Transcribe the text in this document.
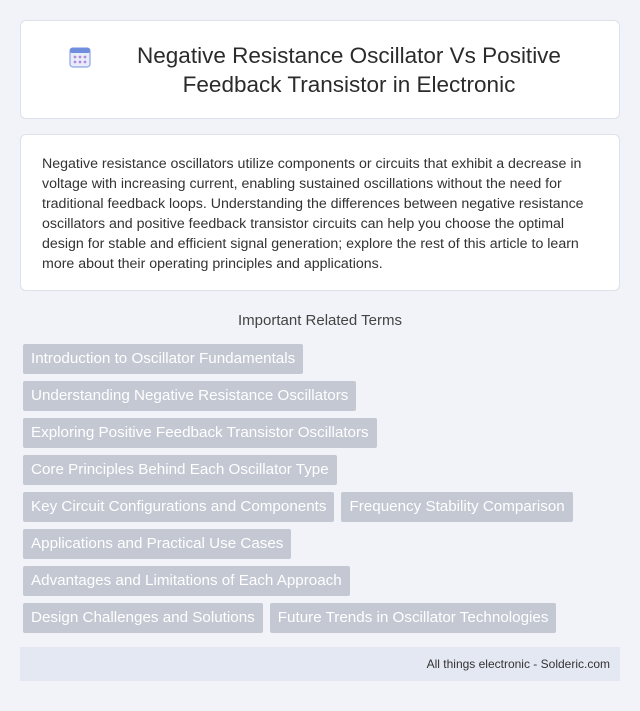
Negative Resistance Oscillator Vs Positive Feedback Transistor in Electronic

Negative resistance oscillators utilize components or circuits that exhibit a decrease in voltage with increasing current, enabling sustained oscillations without the need for traditional feedback loops. Understanding the differences between negative resistance oscillators and positive feedback transistor circuits can help you choose the optimal design for stable and efficient signal generation; explore the rest of this article to learn more about their operating principles and applications.

Important Related Terms
Introduction to Oscillator Fundamentals
Understanding Negative Resistance Oscillators
Exploring Positive Feedback Transistor Oscillators
Core Principles Behind Each Oscillator Type
Key Circuit Configurations and Components	Frequency Stability Comparison
Applications and Practical Use Cases
Advantages and Limitations of Each Approach
Design Challenges and Solutions	Future Trends in Oscillator Technologies
All things electronic - Solderic.com
